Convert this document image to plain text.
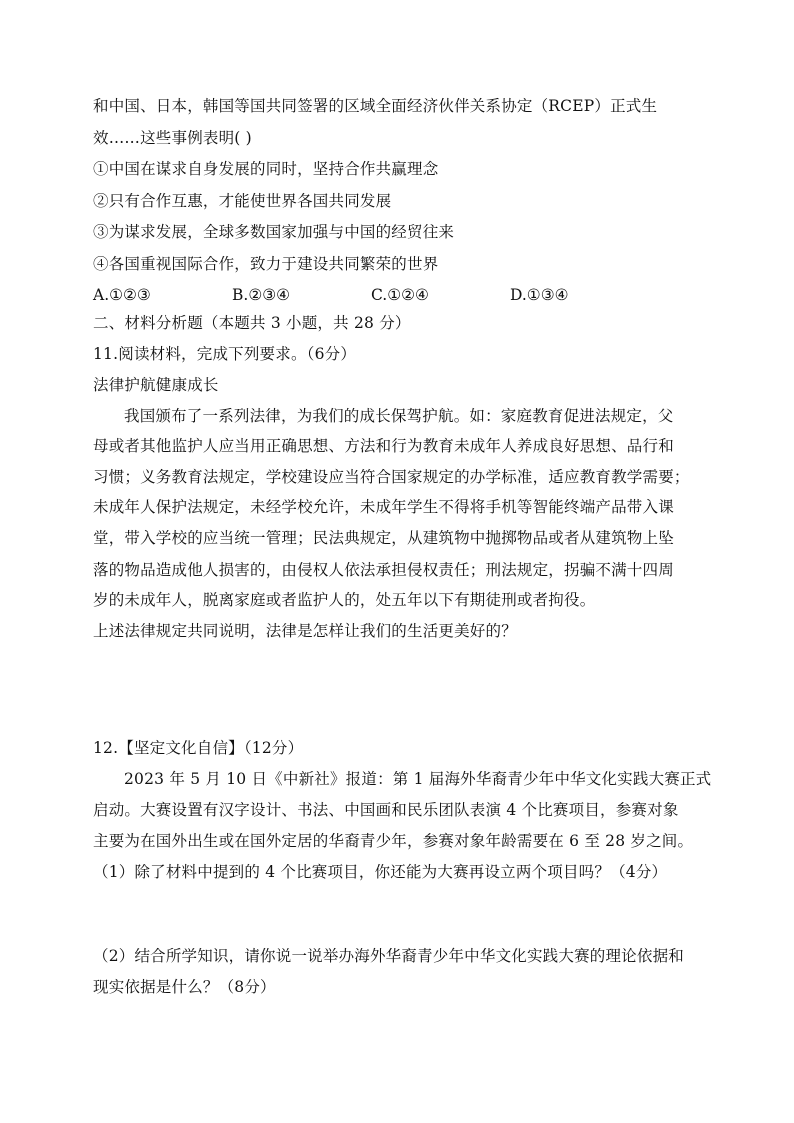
和中国、日本，韩国等国共同签署的区域全面经济伙伴关系协定（RCEP）正式生
效……这些事例表明( )
①中国在谋求自身发展的同时，坚持合作共赢理念
②只有合作互惠，才能使世界各国共同发展
③为谋求发展，全球多数国家加强与中国的经贸往来
④各国重视国际合作，致力于建设共同繁荣的世界
A.①②③	B.②③④	C.①②④	D.①③④
二、材料分析题（本题共 3 小题，共 28 分）
11.阅读材料，完成下列要求。（6分）
法律护航健康成长
我国颁布了一系列法律，为我们的成长保驾护航。如：家庭教育促进法规定，父
母或者其他监护人应当用正确思想、方法和行为教育未成年人养成良好思想、品行和
习惯；义务教育法规定，学校建设应当符合国家规定的办学标准，适应教育教学需要；
未成年人保护法规定，未经学校允许，未成年学生不得将手机等智能终端产品带入课
堂，带入学校的应当统一管理；民法典规定，从建筑物中抛掷物品或者从建筑物上坠
落的物品造成他人损害的，由侵权人依法承担侵权责任；刑法规定，拐骗不满十四周
岁的未成年人，脱离家庭或者监护人的，处五年以下有期徒刑或者拘役。
上述法律规定共同说明，法律是怎样让我们的生活更美好的？
12.【坚定文化自信】（12分）
2023 年 5 月 10 日《中新社》报道：第 1 届海外华裔青少年中华文化实践大赛正式
启动。大赛设置有汉字设计、书法、中国画和民乐团队表演 4 个比赛项目，参赛对象
主要为在国外出生或在国外定居的华裔青少年，参赛对象年龄需要在 6 至 28 岁之间。
（1）除了材料中提到的 4 个比赛项目，你还能为大赛再设立两个项目吗？（4分）
（2）结合所学知识，请你说一说举办海外华裔青少年中华文化实践大赛的理论依据和
现实依据是什么？（8分）
